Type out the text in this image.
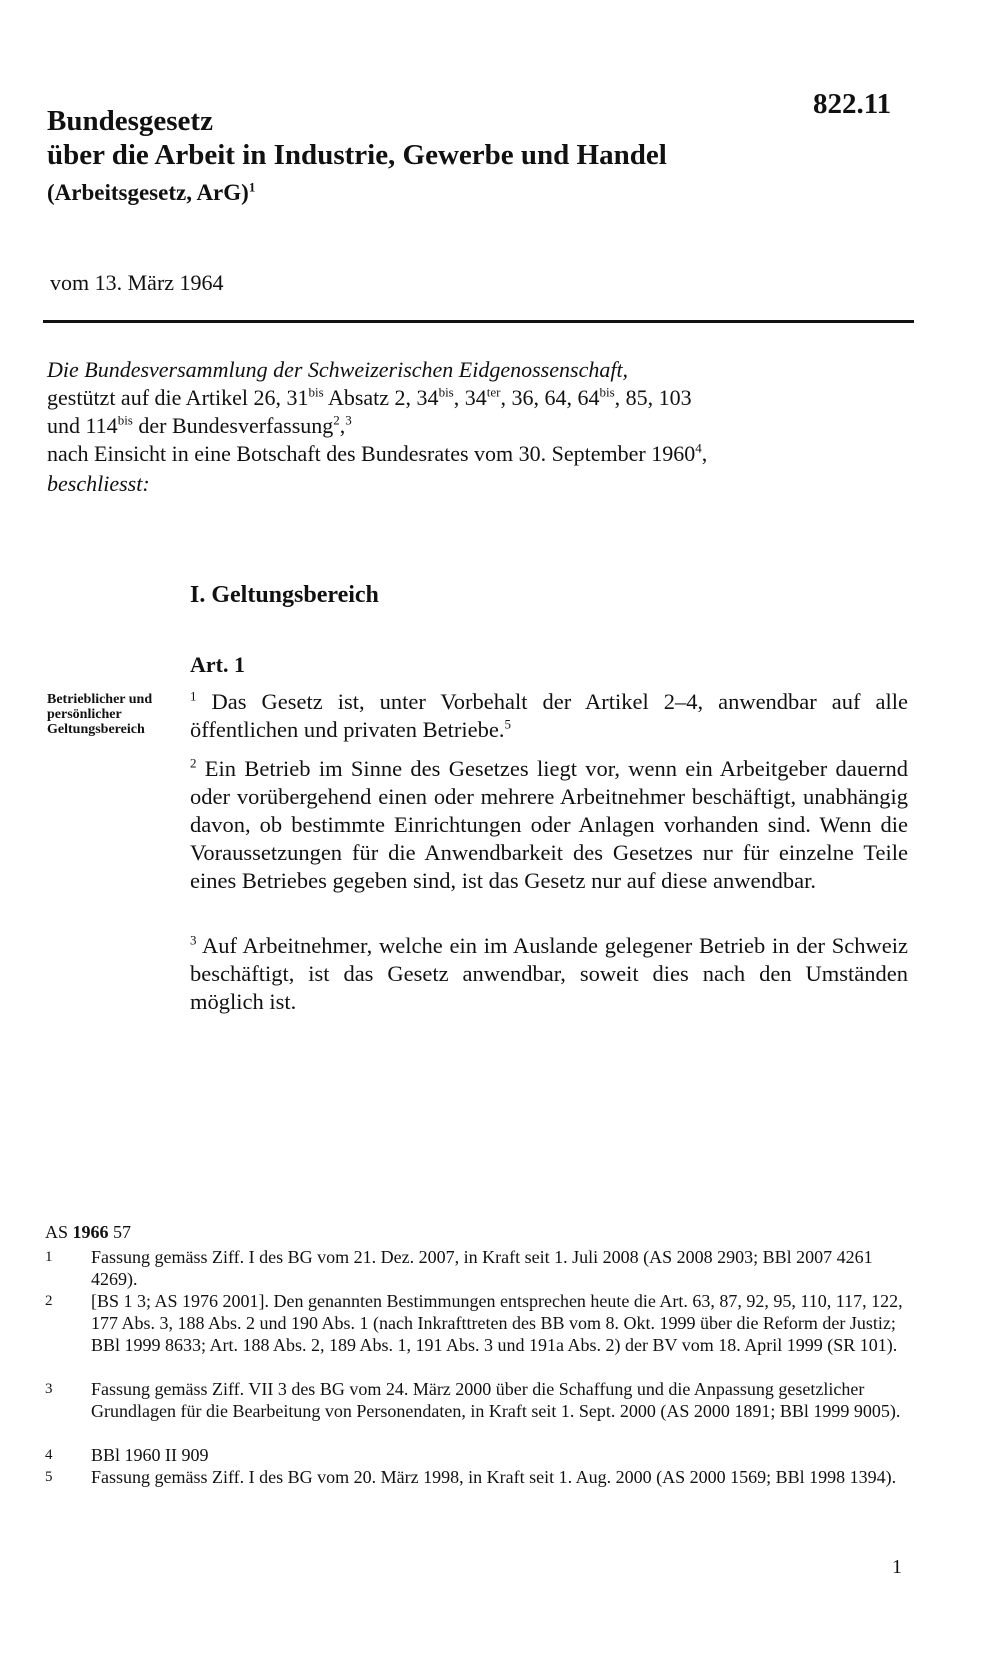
822.11
Bundesgesetz
über die Arbeit in Industrie, Gewerbe und Handel
(Arbeitsgesetz, ArG)$^1$
vom 13. März 1964
Die Bundesversammlung der Schweizerischen Eidgenossenschaft,
gestützt auf die Artikel 26, $31^{bis}$ Absatz 2, $34^{bis}$, $34^{ter}$, 36, 64, $64^{bis}$, 85, 103
und $114^{bis}$ der Bundesverfassung$^2$,$^3$
nach Einsicht in eine Botschaft des Bundesrates vom 30. September 1960$^4$,
beschliesst:
I. Geltungsbereich
Art. 1
Betrieblicher und persönlicher Geltungsbereich
$^1$ Das Gesetz ist, unter Vorbehalt der Artikel 2–4, anwendbar auf alle öffentlichen und privaten Betriebe.$^5$
$^2$ Ein Betrieb im Sinne des Gesetzes liegt vor, wenn ein Arbeitgeber dauernd oder vorübergehend einen oder mehrere Arbeitnehmer beschäftigt, unabhängig davon, ob bestimmte Einrichtungen oder Anlagen vorhanden sind. Wenn die Voraussetzungen für die Anwendbarkeit des Gesetzes nur für einzelne Teile eines Betriebes gegeben sind, ist das Gesetz nur auf diese anwendbar.
$^3$ Auf Arbeitnehmer, welche ein im Auslande gelegener Betrieb in der Schweiz beschäftigt, ist das Gesetz anwendbar, soweit dies nach den Umständen möglich ist.
AS 1966 57
1	Fassung gemäss Ziff. I des BG vom 21. Dez. 2007, in Kraft seit 1. Juli 2008 (AS 2008 2903; BBl 2007 4261 4269).
2	[BS 1 3; AS 1976 2001]. Den genannten Bestimmungen entsprechen heute die Art. 63, 87, 92, 95, 110, 117, 122, 177 Abs. 3, 188 Abs. 2 und 190 Abs. 1 (nach Inkrafttreten des BB vom 8. Okt. 1999 über die Reform der Justiz; BBl 1999 8633; Art. 188 Abs. 2, 189 Abs. 1, 191 Abs. 3 und 191a Abs. 2) der BV vom 18. April 1999 (SR 101).
3	Fassung gemäss Ziff. VII 3 des BG vom 24. März 2000 über die Schaffung und die Anpassung gesetzlicher Grundlagen für die Bearbeitung von Personendaten, in Kraft seit 1. Sept. 2000 (AS 2000 1891; BBl 1999 9005).
4	BBl 1960 II 909
5	Fassung gemäss Ziff. I des BG vom 20. März 1998, in Kraft seit 1. Aug. 2000 (AS 2000 1569; BBl 1998 1394).
1
